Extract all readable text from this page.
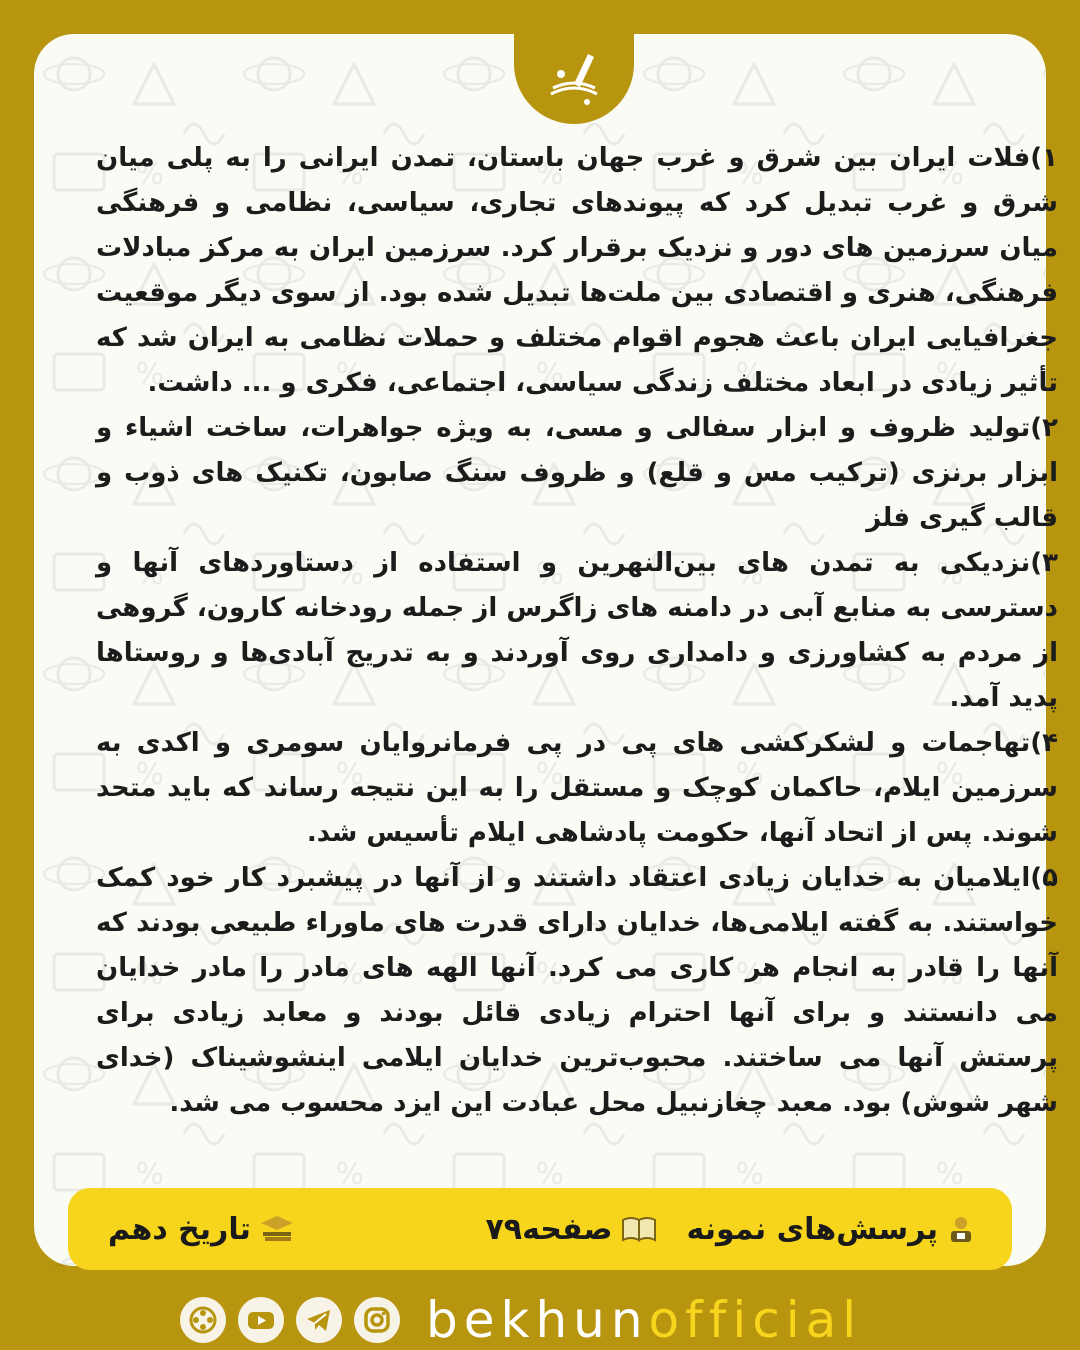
۱)فلات ایران بین شرق و غرب جهان باستان، تمدن ایرانی را به پلی میان شرق و غرب تبدیل کرد که پیوندهای تجاری، سیاسی، نظامی و فرهنگی میان سرزمین های دور و نزدیک برقرار کرد. سرزمین ایران به مرکز مبادلات فرهنگی، هنری و اقتصادی بین ملت‌ها تبدیل شده بود. از سوی دیگر موقعیت جغرافیایی ایران باعث هجوم اقوام مختلف و حملات نظامی به ایران شد که تأثیر زیادی در ابعاد مختلف زندگی سیاسی، اجتماعی، فکری و ... داشت.

۲)تولید ظروف و ابزار سفالی و مسی، به ویژه جواهرات، ساخت اشیاء و ابزار برنزی (ترکیب مس و قلع) و ظروف سنگ صابون، تکنیک های ذوب و قالب گیری فلز

۳)نزدیکی به تمدن های بین‌النهرین و استفاده از دستاوردهای آنها و دسترسی به منابع آبی در دامنه های زاگرس از جمله رودخانه کارون، گروهی از مردم به کشاورزی و دامداری روی آوردند و به تدریج آبادی‌ها و روستاها پدید آمد.

۴)تهاجمات و لشکرکشی های پی در پی فرمانروایان سومری و اکدی به سرزمین ایلام، حاکمان کوچک و مستقل را به این نتیجه رساند که باید متحد شوند. پس از اتحاد آنها، حکومت پادشاهی ایلام تأسیس شد.

۵)ایلامیان به خدایان زیادی اعتقاد داشتند و از آنها در پیشبرد کار خود کمک خواستند. به گفته ایلامی‌ها، خدایان دارای قدرت های ماوراء طبیعی بودند که آنها را قادر به انجام هر کاری می کرد. آنها الهه های مادر را مادر خدایان می دانستند و برای آنها احترام زیادی قائل بودند و معابد زیادی برای پرستش آنها می ساختند. محبوب‌ترین خدایان ایلامی اینشوشیناک (خدای شهر شوش) بود. معبد چغازنبیل محل عبادت این ایزد محسوب می شد.

پرسش‌های نمونه
صفحه۷۹
تاریخ دهم
bekhunofficial
